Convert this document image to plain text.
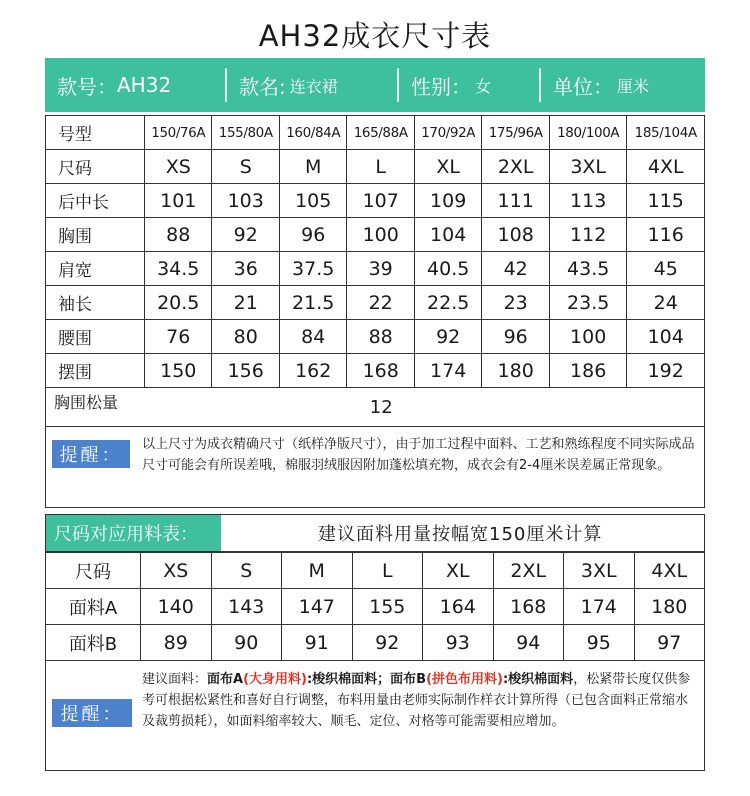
AH32成衣尺寸表
款号： AH32	款名: 连衣裙	性别： 女	单位： 厘米
号型	150/76A	155/80A	160/84A	165/88A	170/92A	175/96A	180/100A	185/104A
尺码	XS	S	M	L	XL	2XL	3XL	4XL
后中长	101	103	105	107	109	111	113	115
胸围	88	92	96	100	104	108	112	116
肩宽	34.5	36	37.5	39	40.5	42	43.5	45
袖长	20.5	21	21.5	22	22.5	23	23.5	24
腰围	76	80	84	88	92	96	100	104
摆围	150	156	162	168	174	180	186	192
胸围松量	12							
提醒：
以上尺寸为成衣精确尺寸（纸样净版尺寸），由于加工过程中面料、工艺和熟练程度不同实际成品尺寸可能会有所误差哦，棉服羽绒服因附加蓬松填充物，成衣会有2-4厘米误差属正常现象。
尺码对应用料表：	建议面料用量按幅宽150厘米计算
尺码	XS	S	M	L	XL	2XL	3XL	4XL
面料A	140	143	147	155	164	168	174	180
面料B	89	90	91	92	93	94	95	97
提醒：
建议面料：面布A(大身用料):梭织棉面料；面布B(拼色布用料):梭织棉面料，松紧带长度仅供参考可根据松紧性和喜好自行调整，布料用量由老师实际制作样衣计算所得（已包含面料正常缩水及裁剪损耗），如面料缩率较大、顺毛、定位、对格等可能需要相应增加。
